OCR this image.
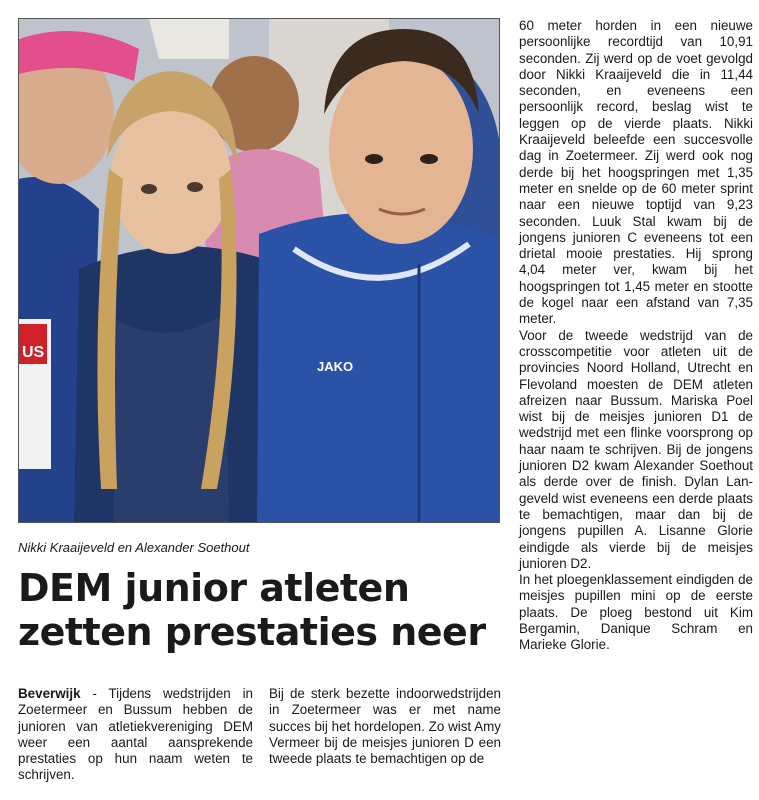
US
JAKO
Nikki Kraaijeveld en Alexander Soethout
DEM junior atleten
zetten prestaties neer

Beverwijk - Tijdens wedstrijden in Zoetermeer en Bussum hebben de junioren van atletiekvereniging DEM weer een aantal aansprekende prestaties op hun naam weten te schrijven.

Bij de sterk bezette indoorwedstrijden in Zoetermeer was er met name succes bij het hordelopen. Zo wist Amy Vermeer bij de meisjes junioren D een tweede plaats te bemachtigen op de

60 meter horden in een nieuwe persoonlijke recordtijd van 10,91 seconden. Zij werd op de voet gevolgd door Nikki Kraaijeveld die in 11,44 seconden, en eveneens een persoonlijk record, beslag wist te leggen op de vierde plaats. Nikki Kraaijeveld beleefde een succesvolle dag in Zoetermeer. Zij werd ook nog derde bij het hoogspringen met 1,35 meter en snelde op de 60 meter sprint naar een nieuwe toptijd van 9,23 seconden. Luuk Stal kwam bij de jongens junioren C eveneens tot een drietal mooie prestaties. Hij sprong 4,04 meter ver, kwam bij het hoogspringen tot 1,45 meter en stootte de kogel naar een afstand van 7,35 meter.

Voor de tweede wedstrijd van de crosscompetitie voor atleten uit de provincies Noord Holland, Utrecht en Flevoland moesten de DEM atleten afreizen naar Bussum. Mariska Poel wist bij de meisjes junioren D1 de wedstrijd met een flinke voorsprong op haar naam te schrijven. Bij de jongens junioren D2 kwam Alexander Soethout als derde over de finish. Dylan Langeveld wist eveneens een derde plaats te bemachtigen, maar dan bij de jongens pupillen A. Lisanne Glorie eindigde als vierde bij de meisjes junioren D2.

In het ploegenklassement eindigden de meisjes pupillen mini op de eerste plaats. De ploeg bestond uit Kim Bergamin, Danique Schram en Marieke Glorie.
